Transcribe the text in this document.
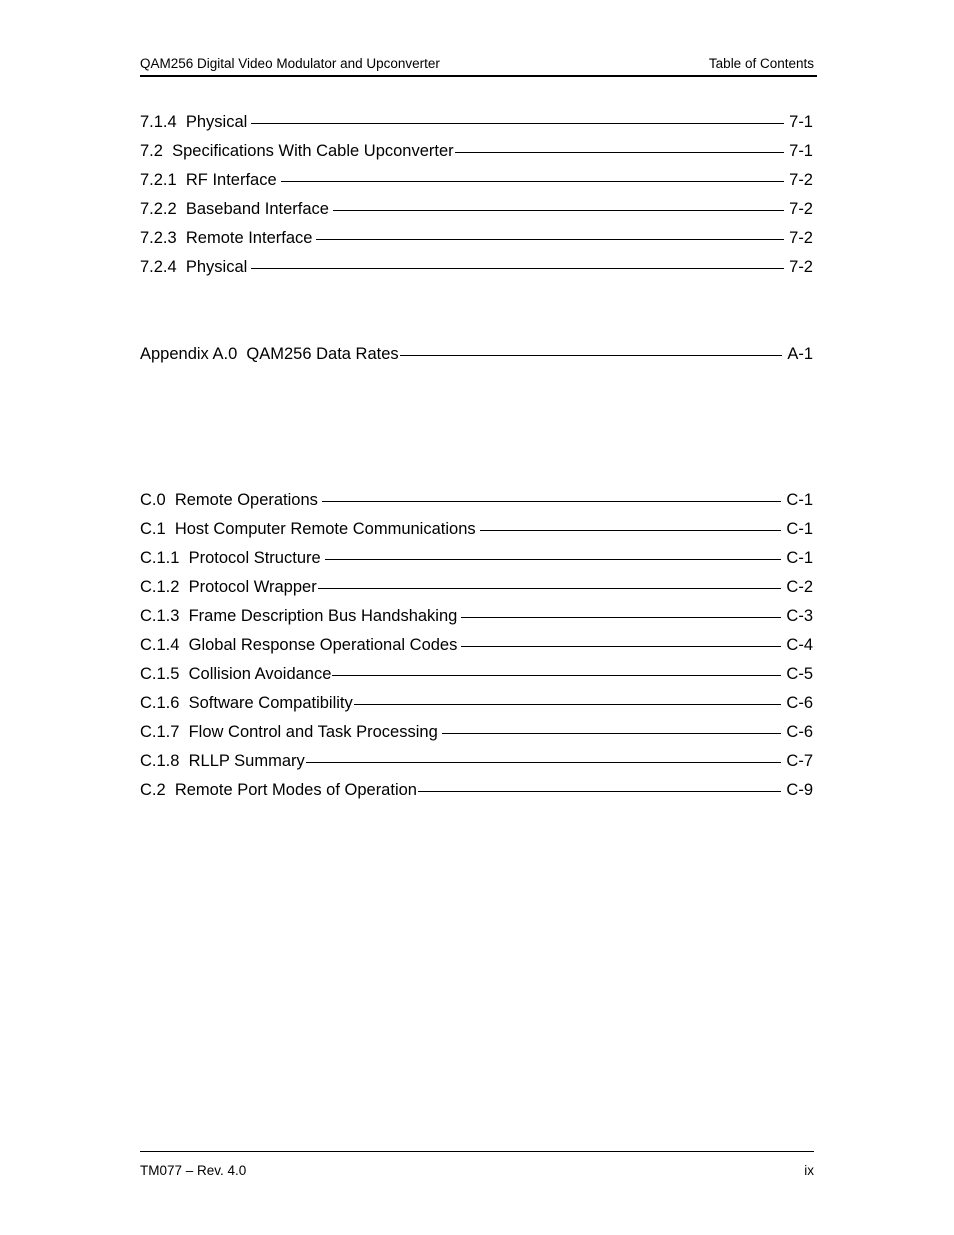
QAM256 Digital Video Modulator and Upconverter	Table of Contents
7.1.4  Physical	7-1
7.2  Specifications With Cable Upconverter	7-1
7.2.1  RF Interface	7-2
7.2.2  Baseband Interface	7-2
7.2.3  Remote Interface	7-2
7.2.4  Physical	7-2
Appendix A.0  QAM256 Data Rates	A-1
C.0  Remote Operations	C-1
C.1  Host Computer Remote Communications	C-1
C.1.1  Protocol Structure	C-1
C.1.2  Protocol Wrapper	C-2
C.1.3  Frame Description Bus Handshaking	C-3
C.1.4  Global Response Operational Codes	C-4
C.1.5  Collision Avoidance	C-5
C.1.6  Software Compatibility	C-6
C.1.7  Flow Control and Task Processing	C-6
C.1.8  RLLP Summary	C-7
C.2  Remote Port Modes of Operation	C-9
TM077 – Rev. 4.0	ix
